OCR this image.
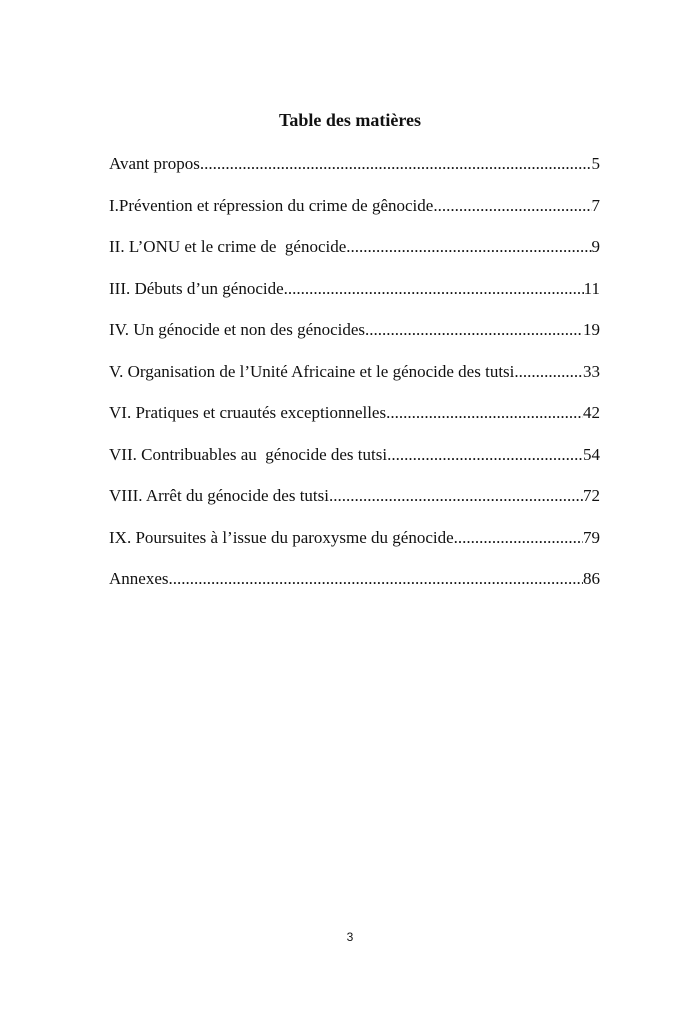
Table des matières
Avant propos .....	5
I.Prévention et répression du crime de gênocide .....	7
II. L’ONU et le crime de  génocide .....	9
III. Débuts d’un génocide .....	11
IV. Un génocide et non des génocides .....	19
V. Organisation de l’Unité Africaine et le génocide des tutsi .....	33
VI. Pratiques et cruautés exceptionnelles .....	42
VII. Contribuables au  génocide des tutsi .....	54
VIII. Arrêt du génocide des tutsi .....	72
IX. Poursuites à l’issue du paroxysme du génocide .....	79
Annexes .....	86

3
